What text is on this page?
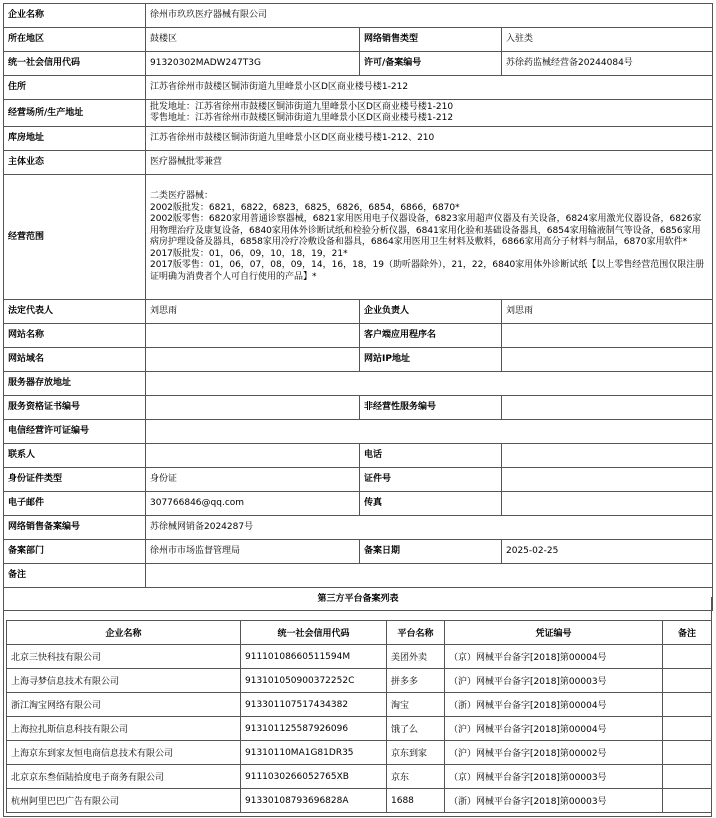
企业名称	徐州市玖玖医疗器械有限公司		
所在地区	鼓楼区	网络销售类型	入驻类
统一社会信用代码	91320302MADW247T3G	许可/备案编号	苏徐药监械经营备20244084号
住所	江苏省徐州市鼓楼区铜沛街道九里峰景小区D区商业楼号楼1-212		
经营场所/生产地址	批发地址：江苏省徐州市鼓楼区铜沛街道九里峰景小区D区商业楼号楼1-210
零售地址：江苏省徐州市鼓楼区铜沛街道九里峰景小区D区商业楼号楼1-212		

库房地址	江苏省徐州市鼓楼区铜沛街道九里峰景小区D区商业楼号楼1-212、210		
主体业态	医疗器械批零兼营		
经营范围	二类医疗器械：
2002版批发：6821，6822，6823，6825，6826，6854，6866，6870*
2002版零售：6820家用普通诊察器械，6821家用医用电子仪器设备，6823家用超声仪器及有关设备，6824家用激光仪器设备，6826家用物理治疗及康复设备，6840家用体外诊断试纸和检验分析仪器，6841家用化验和基础设备器具，6854家用输液制气等设备，6856家用病房护理设备及器具，6858家用冷疗冷敷设备和器具，6864家用医用卫生材料及敷料，6866家用高分子材料与制品，6870家用软件*
2017版批发：01，06，09，10，18，19，21*
2017版零售：01，06，07，08，09，14，16，18，19（助听器除外），21，22，6840家用体外诊断试纸【以上零售经营范围仅限注册证明确为消费者个人可自行使用的产品】*		

法定代表人	刘思雨	企业负责人	刘思雨
网站名称		客户端应用程序名	
网站域名		网站IP地址	
服务器存放地址			
服务资格证书编号		非经营性服务编号	
电信经营许可证编号			
联系人		电话	
身份证件类型	身份证	证件号	
电子邮件	307766846@qq.com	传真	
网络销售备案编号	苏徐械网销备2024287号		
备案部门	徐州市市场监督管理局	备案日期	2025-02-25
备注			
第三方平台备案列表			
企业名称	统一社会信用代码	平台名称	凭证编号	备注
北京三快科技有限公司	91110108660511594M	美团外卖	（京）网械平台备字[2018]第00004号	
上海寻梦信息技术有限公司	913101050900372252C	拼多多	（沪）网械平台备字[2018]第00003号	
浙江淘宝网络有限公司	91330110751743438​2	淘宝	（浙）网械平台备字[2018]第00004号	
上海拉扎斯信息科技有限公司	913101125587926096	饿了么	（沪）网械平台备字[2018]第00004号	
上海京东到家友恒电商信息技术有限公司	91310110MA1G81DR35	京东到家	（沪）网械平台备字[2018]第00002号	
北京京东叁佰陆拾度电子商务有限公司	911103026605276​5XB	京东	（京）网械平台备字[2018]第00003号	
杭州阿里巴巴广告有限公司	91330108793696828A	1688	（浙）网械平台备字[2018]第00003号	
